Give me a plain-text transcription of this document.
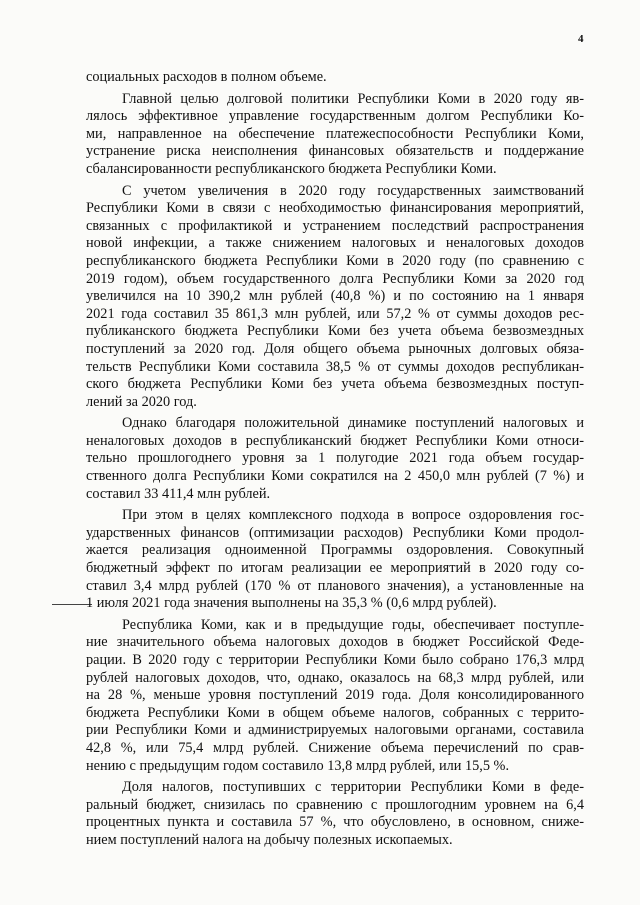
4
социальных расходов в полном объеме.
Главной целью долговой политики Республики Коми в 2020 году яв-
лялось эффективное управление государственным долгом Республики Ко-
ми, направленное на обеспечение платежеспособности Республики Коми,
устранение риска неисполнения финансовых обязательств и поддержание
сбалансированности республиканского бюджета Республики Коми.
С учетом увеличения в 2020 году государственных заимствований
Республики Коми в связи с необходимостью финансирования мероприятий,
связанных с профилактикой и устранением последствий распространения
новой инфекции, а также снижением налоговых и неналоговых доходов
республиканского бюджета Республики Коми в 2020 году (по сравнению с
2019 годом), объем государственного долга Республики Коми за 2020 год
увеличился на 10 390,2 млн рублей (40,8 %) и по состоянию на 1 января
2021 года составил 35 861,3 млн рублей, или 57,2 % от суммы доходов рес-
публиканского бюджета Республики Коми без учета объема безвозмездных
поступлений за 2020 год. Доля общего объема рыночных долговых обяза-
тельств Республики Коми составила 38,5 % от суммы доходов республикан-
ского бюджета Республики Коми без учета объема безвозмездных поступ-
лений за 2020 год.
Однако благодаря положительной динамике поступлений налоговых и
неналоговых доходов в республиканский бюджет Республики Коми относи-
тельно прошлогоднего уровня за 1 полугодие 2021 года объем государ-
ственного долга Республики Коми сократился на 2 450,0 млн рублей (7 %) и
составил 33 411,4 млн рублей.
При этом в целях комплексного подхода в вопросе оздоровления гос-
ударственных финансов (оптимизации расходов) Республики Коми продол-
жается реализация одноименной Программы оздоровления. Совокупный
бюджетный эффект по итогам реализации ее мероприятий в 2020 году со-
ставил 3,4 млрд рублей (170 % от планового значения), а установленные на
1 июля 2021 года значения выполнены на 35,3 % (0,6 млрд рублей).
Республика Коми, как и в предыдущие годы, обеспечивает поступле-
ние значительного объема налоговых доходов в бюджет Российской Феде-
рации. В 2020 году с территории Республики Коми было собрано 176,3 млрд
рублей налоговых доходов, что, однако, оказалось на 68,3 млрд рублей, или
на 28 %, меньше уровня поступлений 2019 года. Доля консолидированного
бюджета Республики Коми в общем объеме налогов, собранных с террито-
рии Республики Коми и администрируемых налоговыми органами, составила
42,8 %, или 75,4 млрд рублей. Снижение объема перечислений по срав-
нению с предыдущим годом составило 13,8 млрд рублей, или 15,5 %.
Доля налогов, поступивших с территории Республики Коми в феде-
ральный бюджет, снизилась по сравнению с прошлогодним уровнем на 6,4
процентных пункта и составила 57 %, что обусловлено, в основном, сниже-
нием поступлений налога на добычу полезных ископаемых.
